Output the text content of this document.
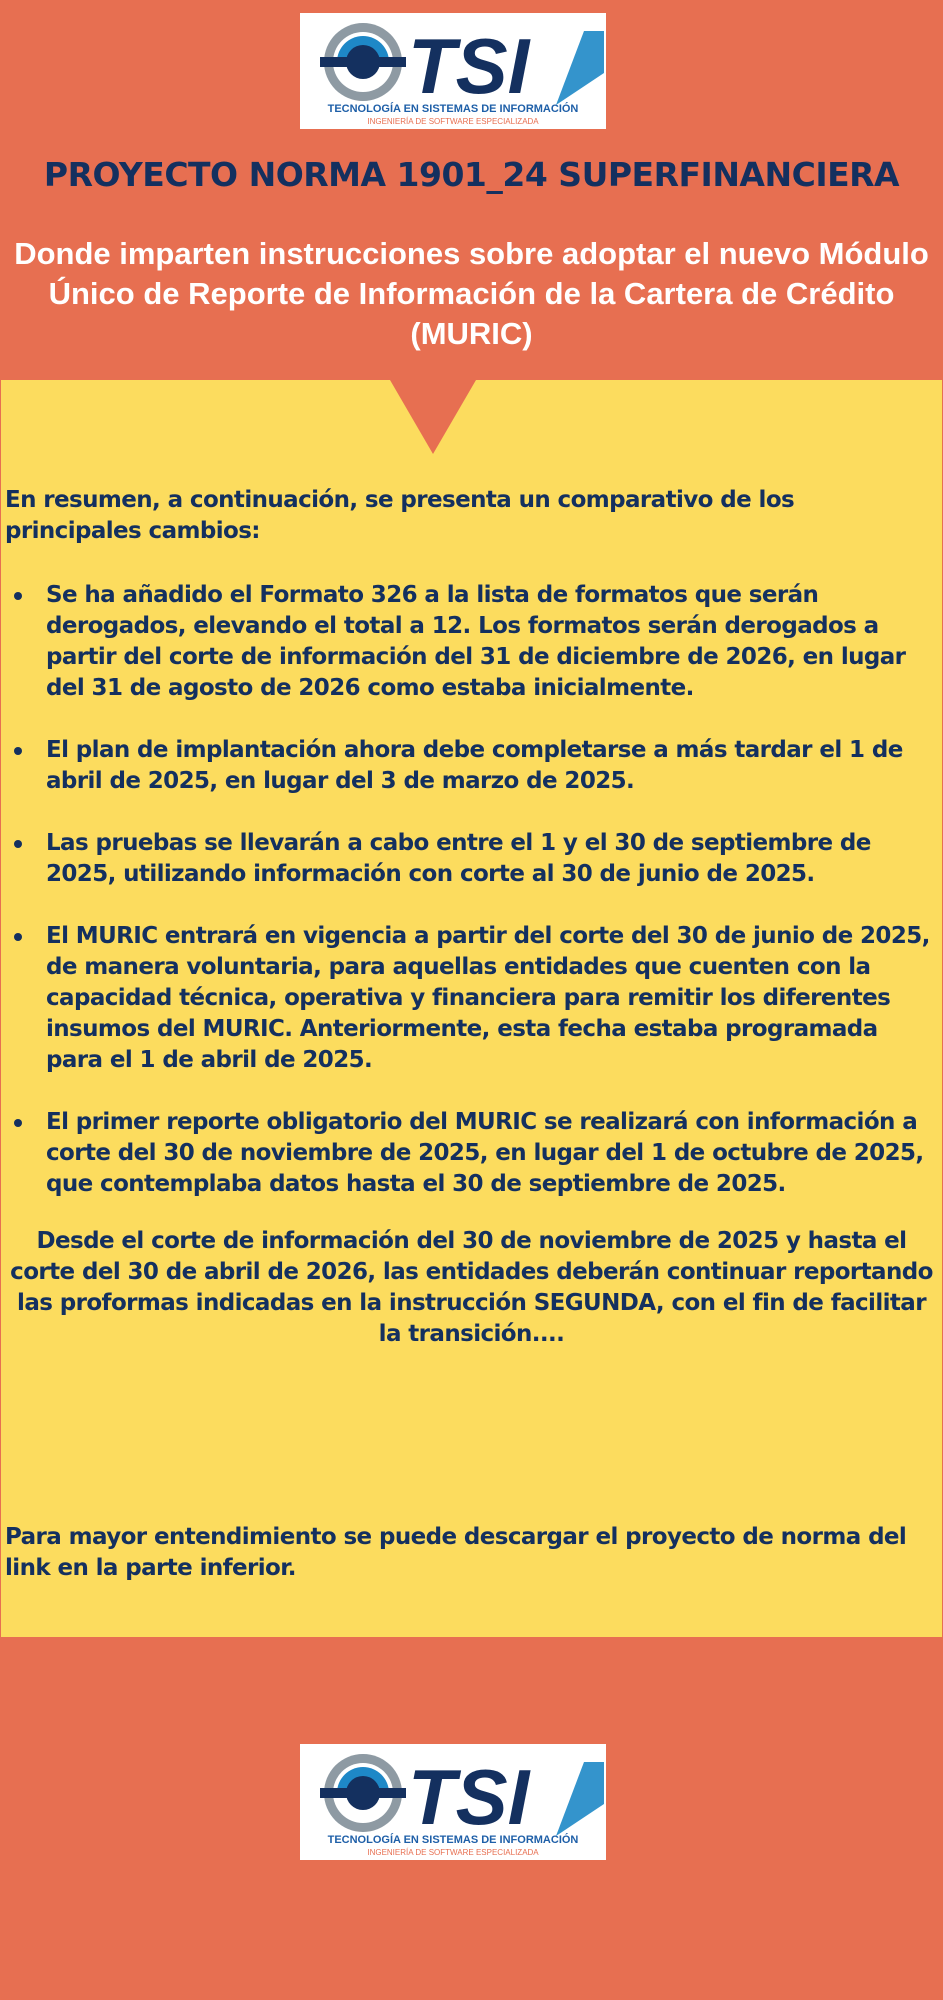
TSI
TECNOLOGÍA EN SISTEMAS DE INFORMACIÓN
INGENIERÍA DE SOFTWARE ESPECIALIZADA
PROYECTO NORMA 1901_24 SUPERFINANCIERA
Donde imparten instrucciones sobre adoptar el nuevo Módulo Único de Reporte de Información de la Cartera de Crédito (MURIC)

En resumen, a continuación, se presenta un comparativo de los principales cambios:

Se ha añadido el Formato 326 a la lista de formatos que serán derogados, elevando el total a 12. Los formatos serán derogados a partir del corte de información del 31 de diciembre de 2026, en lugar del 31 de agosto de 2026 como estaba inicialmente.
El plan de implantación ahora debe completarse a más tardar el 1 de abril de 2025, en lugar del 3 de marzo de 2025.
Las pruebas se llevarán a cabo entre el 1 y el 30 de septiembre de 2025, utilizando información con corte al 30 de junio de 2025.
El MURIC entrará en vigencia a partir del corte del 30 de junio de 2025, de manera voluntaria, para aquellas entidades que cuenten con la capacidad técnica, operativa y financiera para remitir los diferentes insumos del MURIC. Anteriormente, esta fecha estaba programada para el 1 de abril de 2025.
El primer reporte obligatorio del MURIC se realizará con información a corte del 30 de noviembre de 2025, en lugar del 1 de octubre de 2025, que contemplaba datos hasta el 30 de septiembre de 2025.

Desde el corte de información del 30 de noviembre de 2025 y hasta el corte del 30 de abril de 2026, las entidades deberán continuar reportando las proformas indicadas en la instrucción SEGUNDA, con el fin de facilitar la transición....

Para mayor entendimiento se puede descargar el proyecto de norma del link en la parte inferior.

TSI
TECNOLOGÍA EN SISTEMAS DE INFORMACIÓN
INGENIERÍA DE SOFTWARE ESPECIALIZADA
